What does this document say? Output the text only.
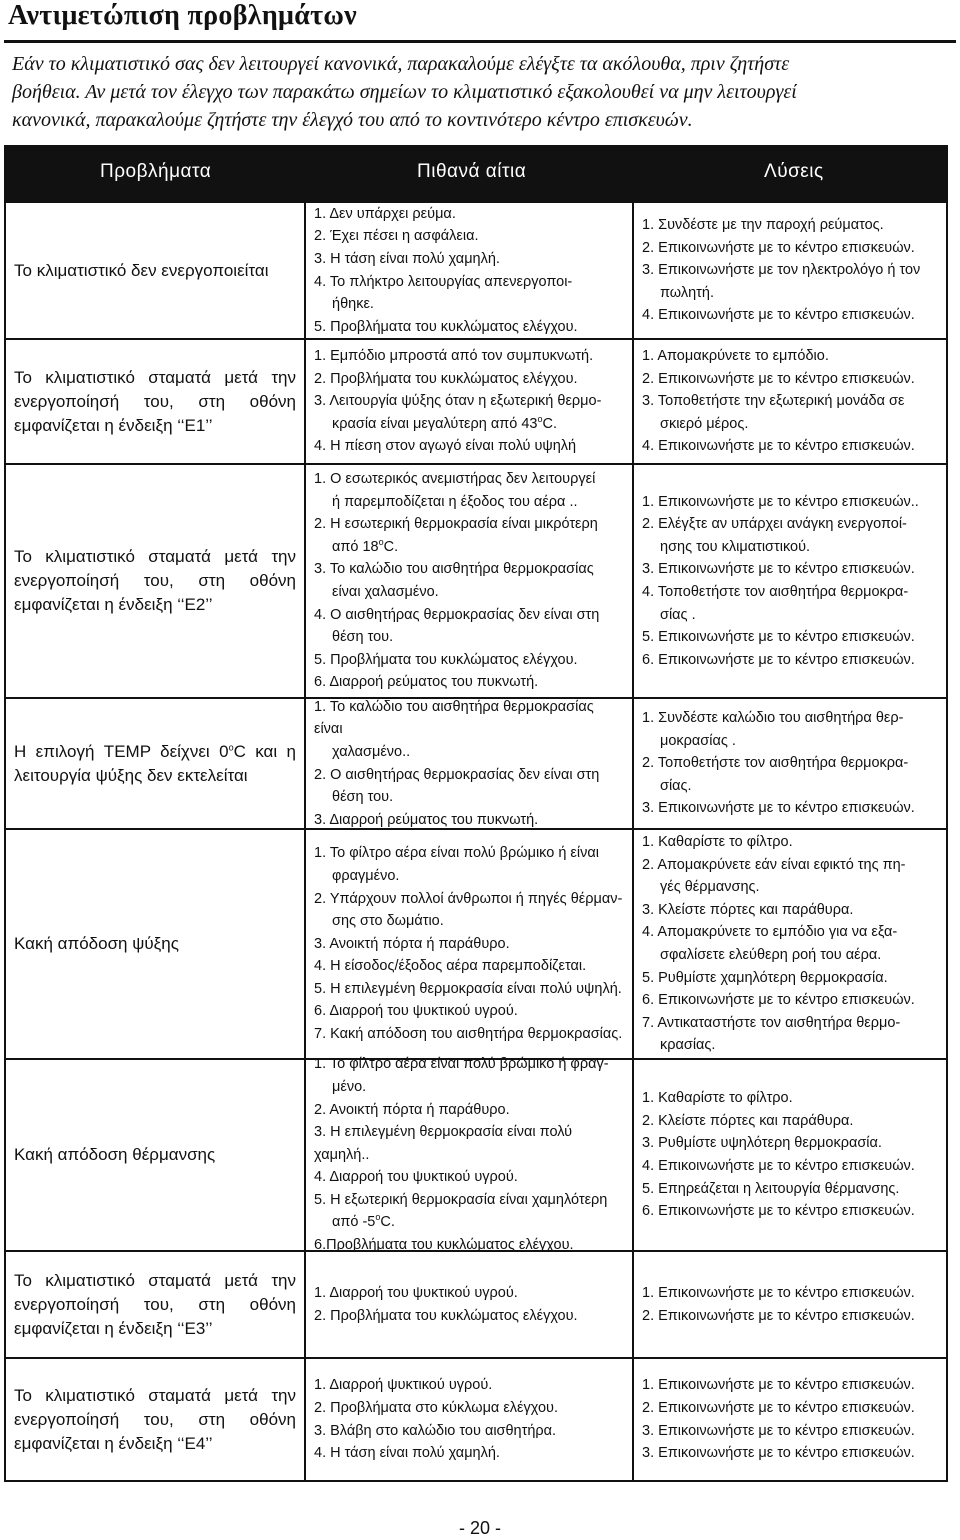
Αντιμετώπιση προβλημάτων
Εάν το κλιματιστικό σας δεν λειτουργεί κανονικά, παρακαλούμε ελέγξτε τα ακόλουθα, πριν ζητήστε
βοήθεια. Αν μετά τον έλεγχο των παρακάτω σημείων το κλιματιστικό εξακολουθεί να μην λειτουργεί
κανονικά, παρακαλούμε ζητήστε την έλεγχό του από το κοντινότερο κέντρο επισκευών.
Προβλήματα	Πιθανά αίτια	Λύσεις
Το κλιματιστικό δεν ενεργοποιείται

1. Δεν υπάρχει ρεύμα.

2. Έχει πέσει η ασφάλεια.

3. Η τάση είναι πολύ χαμηλή.

4. Το πλήκτρο λειτουργίας απενεργοποι-

ήθηκε.

5. Προβλήματα του κυκλώματος ελέγχου.

1. Συνδέστε με την παροχή ρεύματος.

2. Επικοινωνήστε με το κέντρο επισκευών.

3. Επικοινωνήστε με τον ηλεκτρολόγο ή τον

πωλητή.

4. Επικοινωνήστε με το κέντρο επισκευών.

Το κλιματιστικό σταματά μετά την ενεργοποίησή του, στη οθόνη εμφανίζεται η ένδειξη ‘‘E1’’

1. Εμπόδιο μπροστά από τον συμπυκνωτή.

2. Προβλήματα του κυκλώματος ελέγχου.

3. Λειτουργία ψύξης όταν η εξωτερική θερμο-

κρασία είναι μεγαλύτερη από 43$^o$C.

4. Η πίεση στον αγωγό είναι πολύ υψηλή

1. Απομακρύνετε το εμπόδιο.

2. Επικοινωνήστε με το κέντρο επισκευών.

3. Τοποθετήστε την εξωτερική μονάδα σε

σκιερό μέρος.

4. Επικοινωνήστε με το κέντρο επισκευών.

Το κλιματιστικό σταματά μετά την ενεργοποίησή του, στη οθόνη εμφανίζεται η ένδειξη ‘‘E2’’

1. Ο εσωτερικός ανεμιστήρας δεν λειτουργεί

ή παρεμποδίζεται η έξοδος του αέρα ..

2. Η εσωτερική θερμοκρασία είναι μικρότερη

από 18$^o$C.

3. Το καλώδιο του αισθητήρα θερμοκρασίας

είναι χαλασμένο.

4. Ο αισθητήρας θερμοκρασίας δεν είναι στη

θέση του.

5. Προβλήματα του κυκλώματος ελέγχου.

6. Διαρροή ρεύματος του πυκνωτή.

1. Επικοινωνήστε με το κέντρο επισκευών..

2. Ελέγξτε αν υπάρχει ανάγκη ενεργοποί-

ησης του κλιματιστικού.

3. Επικοινωνήστε με το κέντρο επισκευών.

4. Τοποθετήστε τον αισθητήρα θερμοκρα-

σίας .

5. Επικοινωνήστε με το κέντρο επισκευών.

6. Επικοινωνήστε με το κέντρο επισκευών.

Η επιλογή TEMP δείχνει 0$^o$C και η λειτουργία ψύξης δεν εκτελείται

1. Το καλώδιο του αισθητήρα θερμοκρασίας είναι

χαλασμένο..

2. Ο αισθητήρας θερμοκρασίας δεν είναι στη

θέση του.

3. Διαρροή ρεύματος του πυκνωτή.

1. Συνδέστε καλώδιο του αισθητήρα θερ-

μοκρασίας .

2. Τοποθετήστε τον αισθητήρα θερμοκρα-

σίας.

3. Επικοινωνήστε με το κέντρο επισκευών.

Κακή απόδοση ψύξης

1. Το φίλτρο αέρα είναι πολύ βρώμικο ή είναι

φραγμένο.

2. Υπάρχουν πολλοί άνθρωποι ή πηγές θέρμαν-

σης στο δωμάτιο.

3. Ανοικτή πόρτα ή παράθυρο.

4. Η είσοδος/έξοδος αέρα παρεμποδίζεται.

5. Η επιλεγμένη θερμοκρασία είναι πολύ υψηλή.

6. Διαρροή του ψυκτικού υγρού.

7. Κακή απόδοση του αισθητήρα θερμοκρασίας.

1. Καθαρίστε το φίλτρο.

2. Απομακρύνετε εάν είναι εφικτό της πη-

γές θέρμανσης.

3. Κλείστε πόρτες και παράθυρα.

4. Απομακρύνετε το εμπόδιο για να εξα-

σφαλίσετε ελεύθερη ροή του αέρα.

5. Ρυθμίστε χαμηλότερη θερμοκρασία.

6. Επικοινωνήστε με το κέντρο επισκευών.

7. Αντικαταστήστε τον αισθητήρα θερμο-

κρασίας.

Κακή απόδοση θέρμανσης

1. Το φίλτρο αέρα είναι πολύ βρώμικο ή φραγ-

μένο.

2. Ανοικτή πόρτα ή παράθυρο.

3. Η επιλεγμένη θερμοκρασία είναι πολύ χαμηλή..

4. Διαρροή του ψυκτικού υγρού.

5. Η εξωτερική θερμοκρασία είναι χαμηλότερη

από -5$^o$C.

6.Προβλήματα του κυκλώματος ελέγχου.

1. Καθαρίστε το φίλτρο.

2. Κλείστε πόρτες και παράθυρα.

3. Ρυθμίστε υψηλότερη θερμοκρασία.

4. Επικοινωνήστε με το κέντρο επισκευών.

5. Επηρεάζεται η λειτουργία θέρμανσης.

6. Επικοινωνήστε με το κέντρο επισκευών.

Το κλιματιστικό σταματά μετά την ενεργοποίησή του, στη οθόνη εμφανίζεται η ένδειξη ‘‘E3’’

1. Διαρροή του ψυκτικού υγρού.

2. Προβλήματα του κυκλώματος ελέγχου.

1. Επικοινωνήστε με το κέντρο επισκευών.

2. Επικοινωνήστε με το κέντρο επισκευών.

Το κλιματιστικό σταματά μετά την ενεργοποίησή του, στη οθόνη εμφανίζεται η ένδειξη ‘‘E4’’

1. Διαρροή ψυκτικού υγρού.

2. Προβλήματα στο κύκλωμα ελέγχου.

3. Βλάβη στο καλώδιο του αισθητήρα.

4. Η τάση είναι πολύ χαμηλή.

1. Επικοινωνήστε με το κέντρο επισκευών.

2. Επικοινωνήστε με το κέντρο επισκευών.

3. Επικοινωνήστε με το κέντρο επισκευών.

3. Επικοινωνήστε με το κέντρο επισκευών.

- 20 -
